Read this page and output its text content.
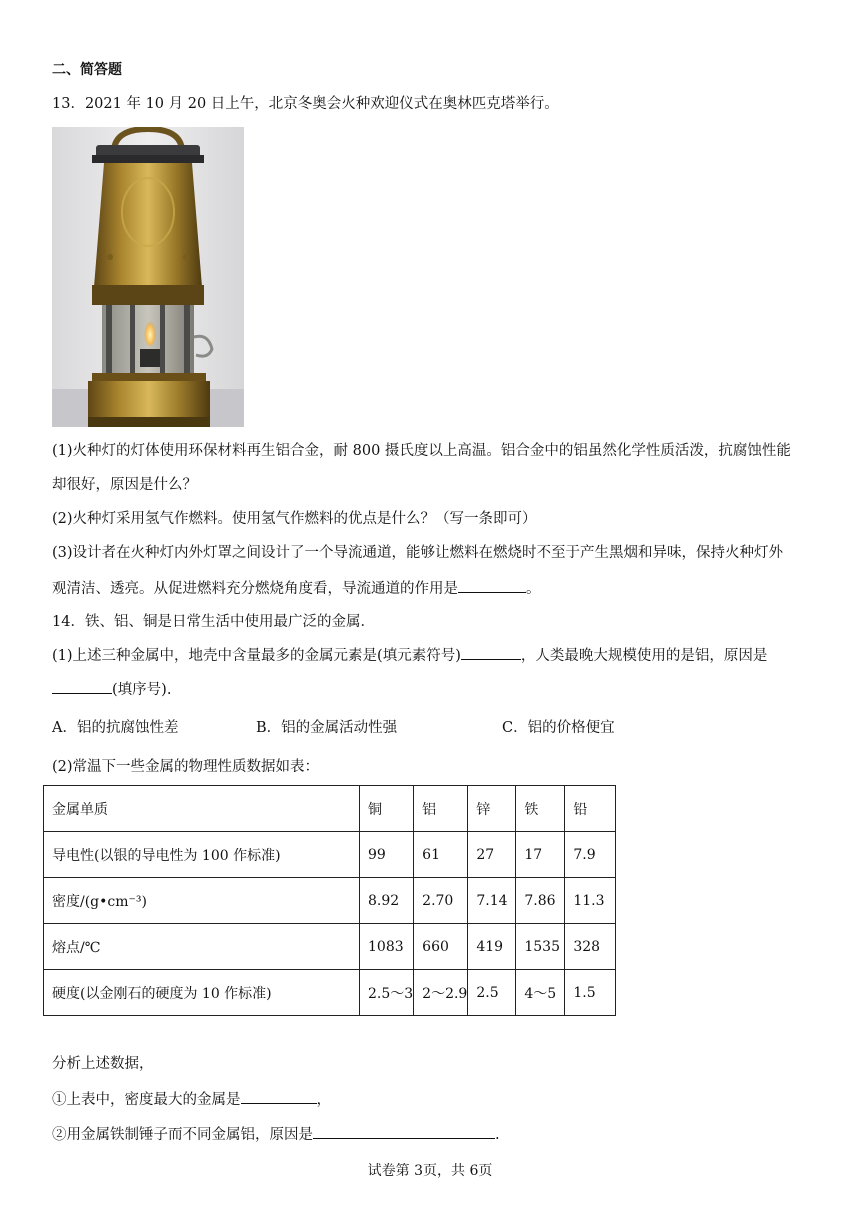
二、简答题
13．2021 年 10 月 20 日上午，北京冬奥会火种欢迎仪式在奥林匹克塔举行。
(1)火种灯的灯体使用环保材料再生铝合金，耐 800 摄氏度以上高温。铝合金中的铝虽然化学性质活泼，抗腐蚀性能
却很好，原因是什么？
(2)火种灯采用氢气作燃料。使用氢气作燃料的优点是什么？（写一条即可）
(3)设计者在火种灯内外灯罩之间设计了一个导流通道，能够让燃料在燃烧时不至于产生黑烟和异味，保持火种灯外
观清洁、透亮。从促进燃料充分燃烧角度看，导流通道的作用是	。
14．铁、铝、铜是日常生活中使用最广泛的金属．
(1)上述三种金属中，地壳中含量最多的金属元素是(填元素符号)	，人类最晚大规模使用的是铝，原因是
(填序号).
A．铝的抗腐蚀性差	B．铝的金属活动性强	C．铝的价格便宜
(2)常温下一些金属的物理性质数据如表：
金属单质	铜	铝	锌	铁	铅
导电性(以银的导电性为 100 作标准)	99	61	27	17	7.9
密度/(g•cm⁻³)	8.92	2.70	7.14	7.86	11.3
熔点/℃	1083	660	419	1535	328
硬度(以金刚石的硬度为 10 作标准)	2.5～3	2～2.9	2.5	4～5	1.5
分析上述数据，
①上表中，密度最大的金属是	，
②用金属铁制锤子而不同金属铝，原因是	.
试卷第 3页，共 6页
